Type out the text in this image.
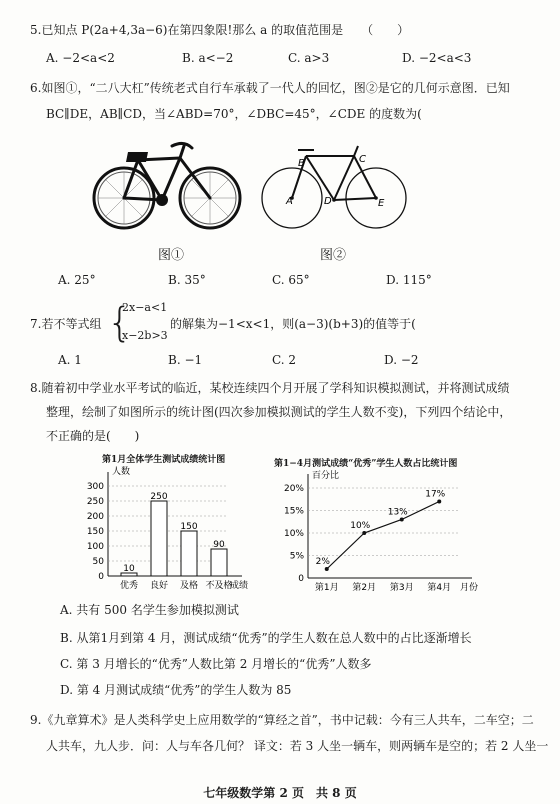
5.已知点 P(2a+4,3a−6)在第四象限!那么 a 的取值范围是　　（　　）
A. −2<a<2	B. a<−2	C. a>3	D. −2<a<3
6.如图①，“二八大杠”传统老式自行车承载了一代人的回忆，图②是它的几何示意图．已知
BC∥DE，AB∥CD，当∠ABD=70°，∠DBC=45°，∠CDE 的度数为(
A
B	C
D	E
图①	图②
A. 25°	B. 35°	C. 65°	D. 115°
7.若不等式组 {
2x−a<1
x−2b>3
的解集为−1<x<1，则(a−3)(b+3)的值等于(
A. 1	B. −1	C. 2	D. −2
8.随着初中学业水平考试的临近，某校连续四个月开展了学科知识模拟测试，并将测试成绩
整理，绘制了如图所示的统计图(四次参加模拟测试的学生人数不变)，下列四个结论中，
不正确的是(　　)
第1月全体学生测试成绩统计图
人数
成绩
0
50
100
150
200
250
300
10
优秀
250
良好
150
及格
90
不及格
第1−4月测试成绩“优秀”学生人数占比统计图
百分比
月份
0
5%
10%
15%
20%
2%
第1月
10%
第2月
13%
第3月
17%
第4月
A. 共有 500 名学生参加模拟测试
B. 从第1月到第 4 月，测试成绩“优秀”的学生人数在总人数中的占比逐渐增长
C. 第 3 月增长的“优秀”人数比第 2 月增长的“优秀”人数多
D. 第 4 月测试成绩“优秀”的学生人数为 85
9.《九章算术》是人类科学史上应用数学的“算经之首”，书中记载：今有三人共车，二车空；二
人共车，九人步．问：人与车各几何？ 译文：若 3 人坐一辆车，则两辆车是空的；若 2 人坐一
七年级数学第 2 页　共 8 页
